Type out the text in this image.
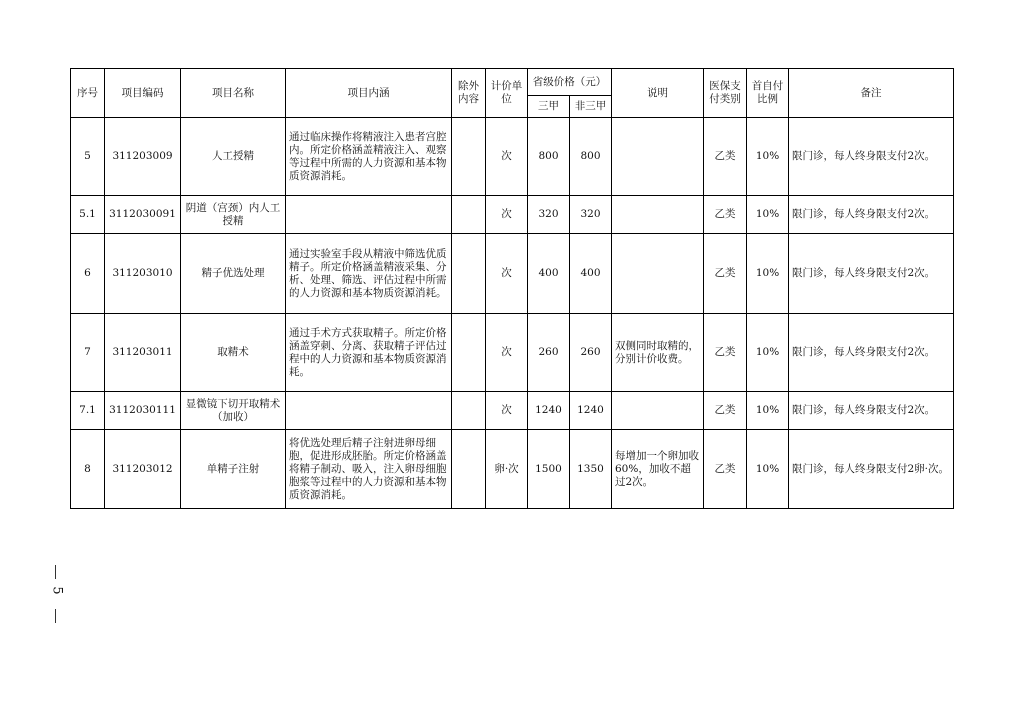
序号	项目编码	项目名称	项目内涵	除外内容	计价单位	省级价格（元）		说明	医保支付类别	首自付比例	备注
						三甲	非三甲				
5	311203009	人工授精	通过临床操作将精液注入患者宫腔内。所定价格涵盖精液注入、观察等过程中所需的人力资源和基本物质资源消耗。		次	800	800		乙类	10%	限门诊，每人终身限支付2次。
5.1	3112030091	阴道（宫颈）内人工授精			次	320	320		乙类	10%	限门诊，每人终身限支付2次。
6	311203010	精子优选处理	通过实验室手段从精液中筛选优质精子。所定价格涵盖精液采集、分析、处理、筛选、评估过程中所需的人力资源和基本物质资源消耗。		次	400	400		乙类	10%	限门诊，每人终身限支付2次。
7	311203011	取精术	通过手术方式获取精子。所定价格涵盖穿刺、分离、获取精子评估过程中的人力资源和基本物质资源消耗。		次	260	260	双侧同时取精的，分别计价收费。	乙类	10%	限门诊，每人终身限支付2次。
7.1	3112030111	显微镜下切开取精术（加收）			次	1240	1240		乙类	10%	限门诊，每人终身限支付2次。
8	311203012	单精子注射	将优选处理后精子注射进卵母细胞，促进形成胚胎。所定价格涵盖将精子制动、吸入，注入卵母细胞胞浆等过程中的人力资源和基本物质资源消耗。		卵·次	1500	1350	每增加一个卵加收60%，加收不超过2次。	乙类	10%	限门诊，每人终身限支付2卵·次。
5
